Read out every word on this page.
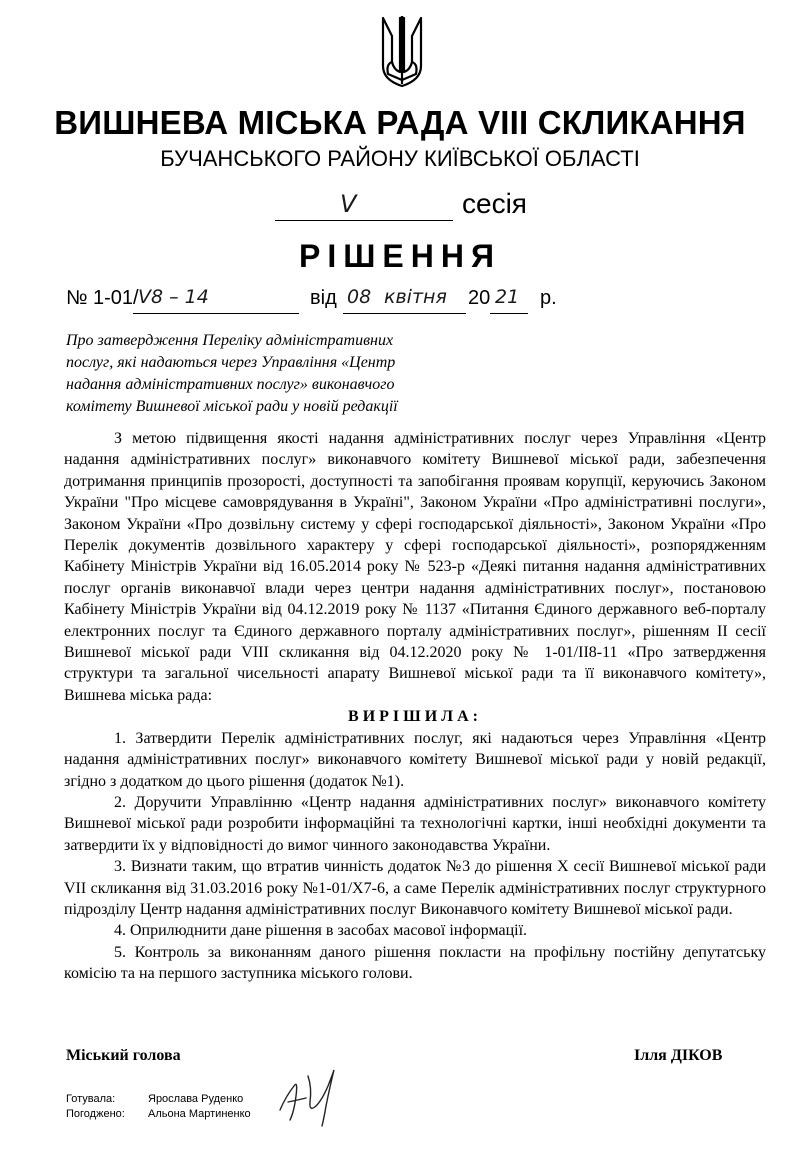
ВИШНЕВА МІСЬКА РАДА VIII СКЛИКАННЯ
БУЧАНСЬКОГО РАЙОНУ КИЇВСЬКОЇ ОБЛАСТІ
V	сесія
РІШЕННЯ
№ 1-01/ V8 – 14	від 08 квітня 20 21 р.
Про затвердження Переліку адміністративних послуг, які надаються через Управління «Центр надання адміністративних послуг» виконавчого комітету Вишневої міської ради у новій редакції

З метою підвищення якості надання адміністративних послуг через Управління «Центр надання адміністративних послуг» виконавчого комітету Вишневої міської ради, забезпечення дотримання принципів прозорості, доступності та запобігання проявам корупції, керуючись Законом України "Про місцеве самоврядування в Україні", Законом України «Про адміністративні послуги», Законом України «Про дозвільну систему у сфері господарської діяльності», Законом України «Про Перелік документів дозвільного характеру у сфері господарської діяльності», розпорядженням Кабінету Міністрів України від 16.05.2014 року № 523-р «Деякі питання надання адміністративних послуг органів виконавчої влади через центри надання адміністративних послуг», постановою Кабінету Міністрів України від 04.12.2019 року № 1137 «Питання Єдиного державного веб-порталу електронних послуг та Єдиного державного порталу адміністративних послуг», рішенням II сесії Вишневої міської ради VIII скликання від 04.12.2020 року № 1-01/II8-11 «Про затвердження структури та загальної чисельності апарату Вишневої міської ради та її виконавчого комітету», Вишнева міська рада:

ВИРІШИЛА:

1. Затвердити Перелік адміністративних послуг, які надаються через Управління «Центр надання адміністративних послуг» виконавчого комітету Вишневої міської ради у новій редакції, згідно з додатком до цього рішення (додаток №1).

2. Доручити Управлінню «Центр надання адміністративних послуг» виконавчого комітету Вишневої міської ради розробити інформаційні та технологічні картки, інші необхідні документи та затвердити їх у відповідності до вимог чинного законодавства України.

3. Визнати таким, що втратив чинність додаток №3 до рішення X сесії Вишневої міської ради VII скликання від 31.03.2016 року №1-01/X7-6, а саме Перелік адміністративних послуг структурного підрозділу Центр надання адміністративних послуг Виконавчого комітету Вишневої міської ради.

4. Оприлюднити дане рішення в засобах масової інформації.

5. Контроль за виконанням даного рішення покласти на профільну постійну депутатську комісію та на першого заступника міського голови.

Міський голова	Ілля ДІКОВ
Готувала:	Ярослава Руденко
Погоджено: Альона Мартиненко
